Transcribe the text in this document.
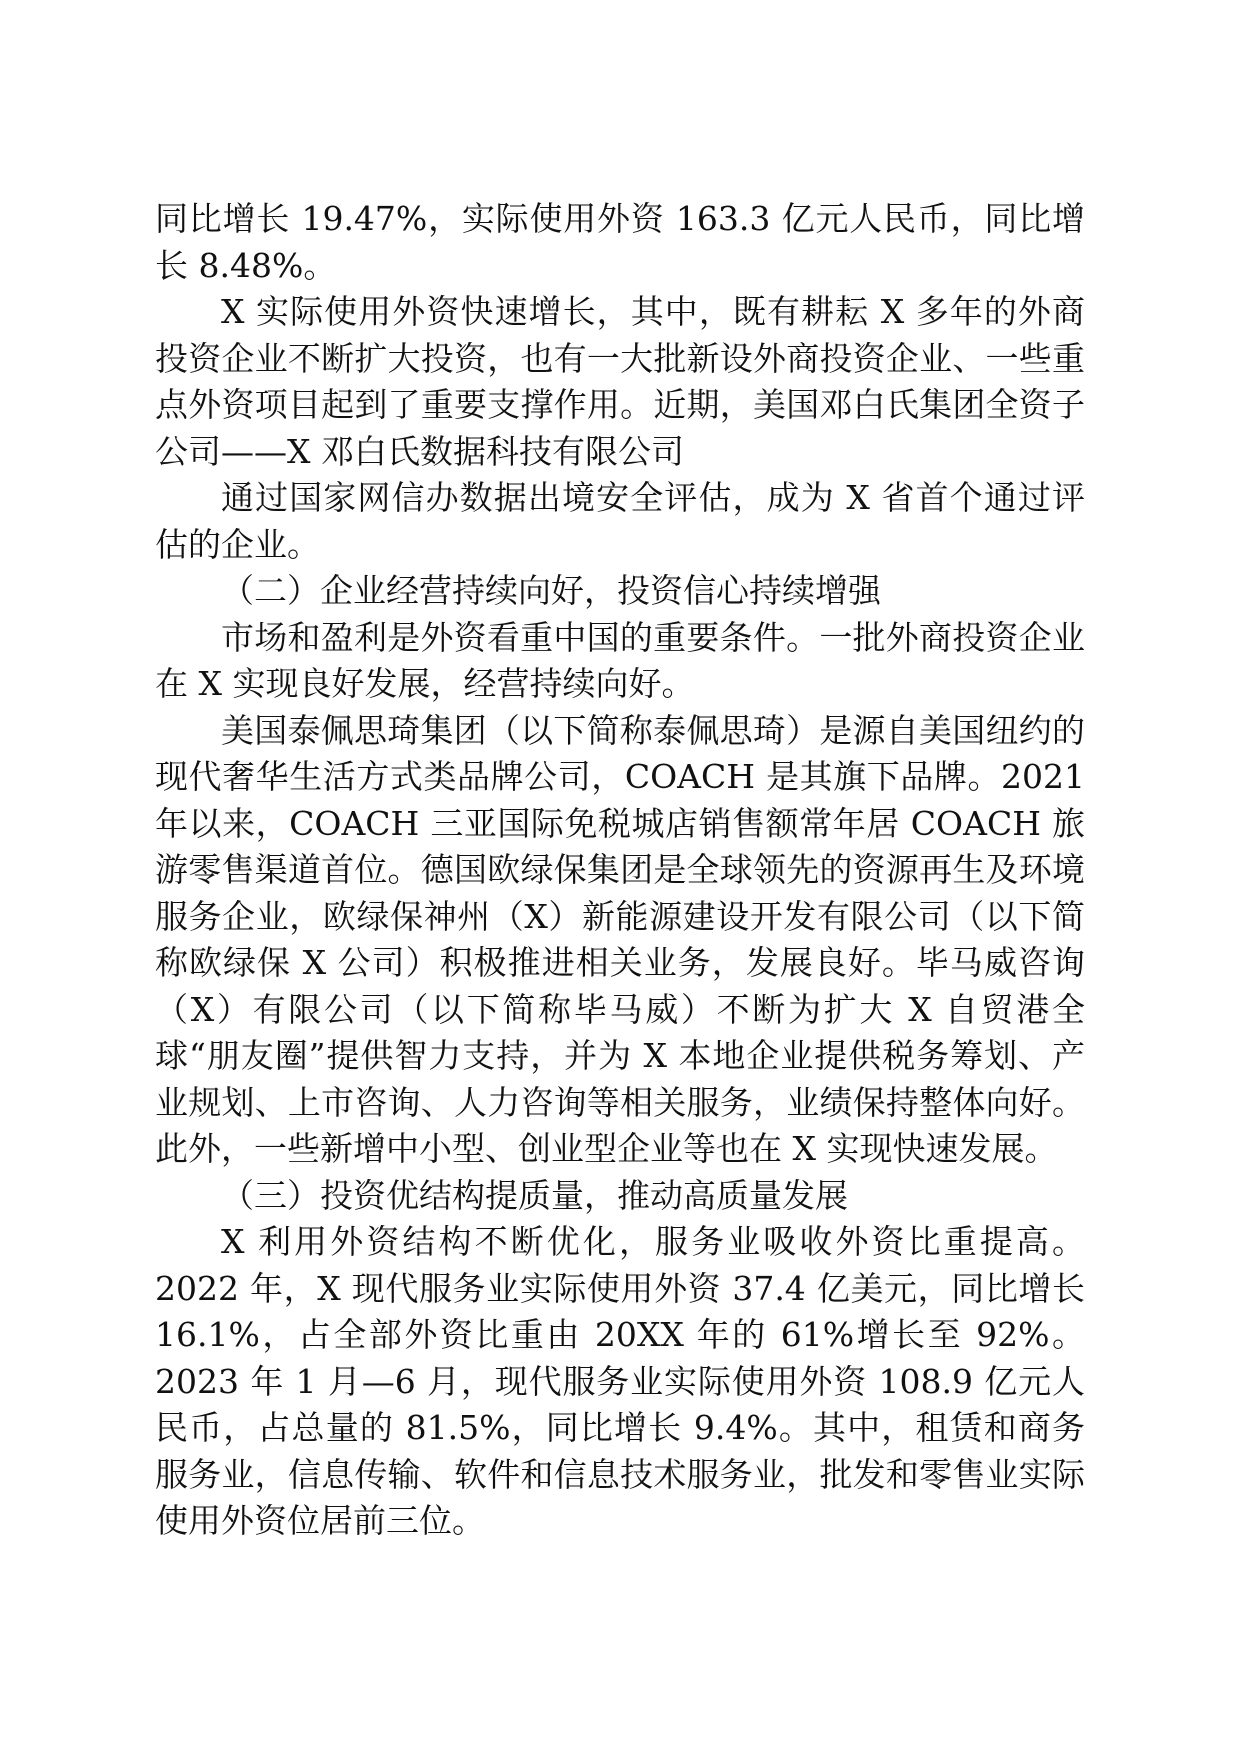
同比增长 19.47%，实际使用外资 163.3 亿元人民币，同比增长 8.48%。

X 实际使用外资快速增长，其中，既有耕耘 X 多年的外商投资企业不断扩大投资，也有一大批新设外商投资企业、一些重点外资项目起到了重要支撑作用。近期，美国邓白氏集团全资子公司——X 邓白氏数据科技有限公司

通过国家网信办数据出境安全评估，成为 X 省首个通过评估的企业。

（二）企业经营持续向好，投资信心持续增强

市场和盈利是外资看重中国的重要条件。一批外商投资企业在 X 实现良好发展，经营持续向好。

美国泰佩思琦集团（以下简称泰佩思琦）是源自美国纽约的现代奢华生活方式类品牌公司，COACH 是其旗下品牌。2021 年以来，COACH 三亚国际免税城店销售额常年居 COACH 旅游零售渠道首位。德国欧绿保集团是全球领先的资源再生及环境服务企业，欧绿保神州（X）新能源建设开发有限公司（以下简称欧绿保 X 公司）积极推进相关业务，发展良好。毕马威咨询（X）有限公司（以下简称毕马威）不断为扩大 X 自贸港全球“朋友圈”提供智力支持，并为 X 本地企业提供税务筹划、产业规划、上市咨询、人力咨询等相关服务，业绩保持整体向好。此外，一些新增中小型、创业型企业等也在 X 实现快速发展。

（三）投资优结构提质量，推动高质量发展

X 利用外资结构不断优化，服务业吸收外资比重提高。2022 年，X 现代服务业实际使用外资 37.4 亿美元，同比增长 16.1%，占全部外资比重由 20XX 年的 61%增长至 92%。2023 年 1 月—6 月，现代服务业实际使用外资 108.9 亿元人民币，占总量的 81.5%，同比增长 9.4%。其中，租赁和商务服务业，信息传输、软件和信息技术服务业，批发和零售业实际使用外资位居前三位。
